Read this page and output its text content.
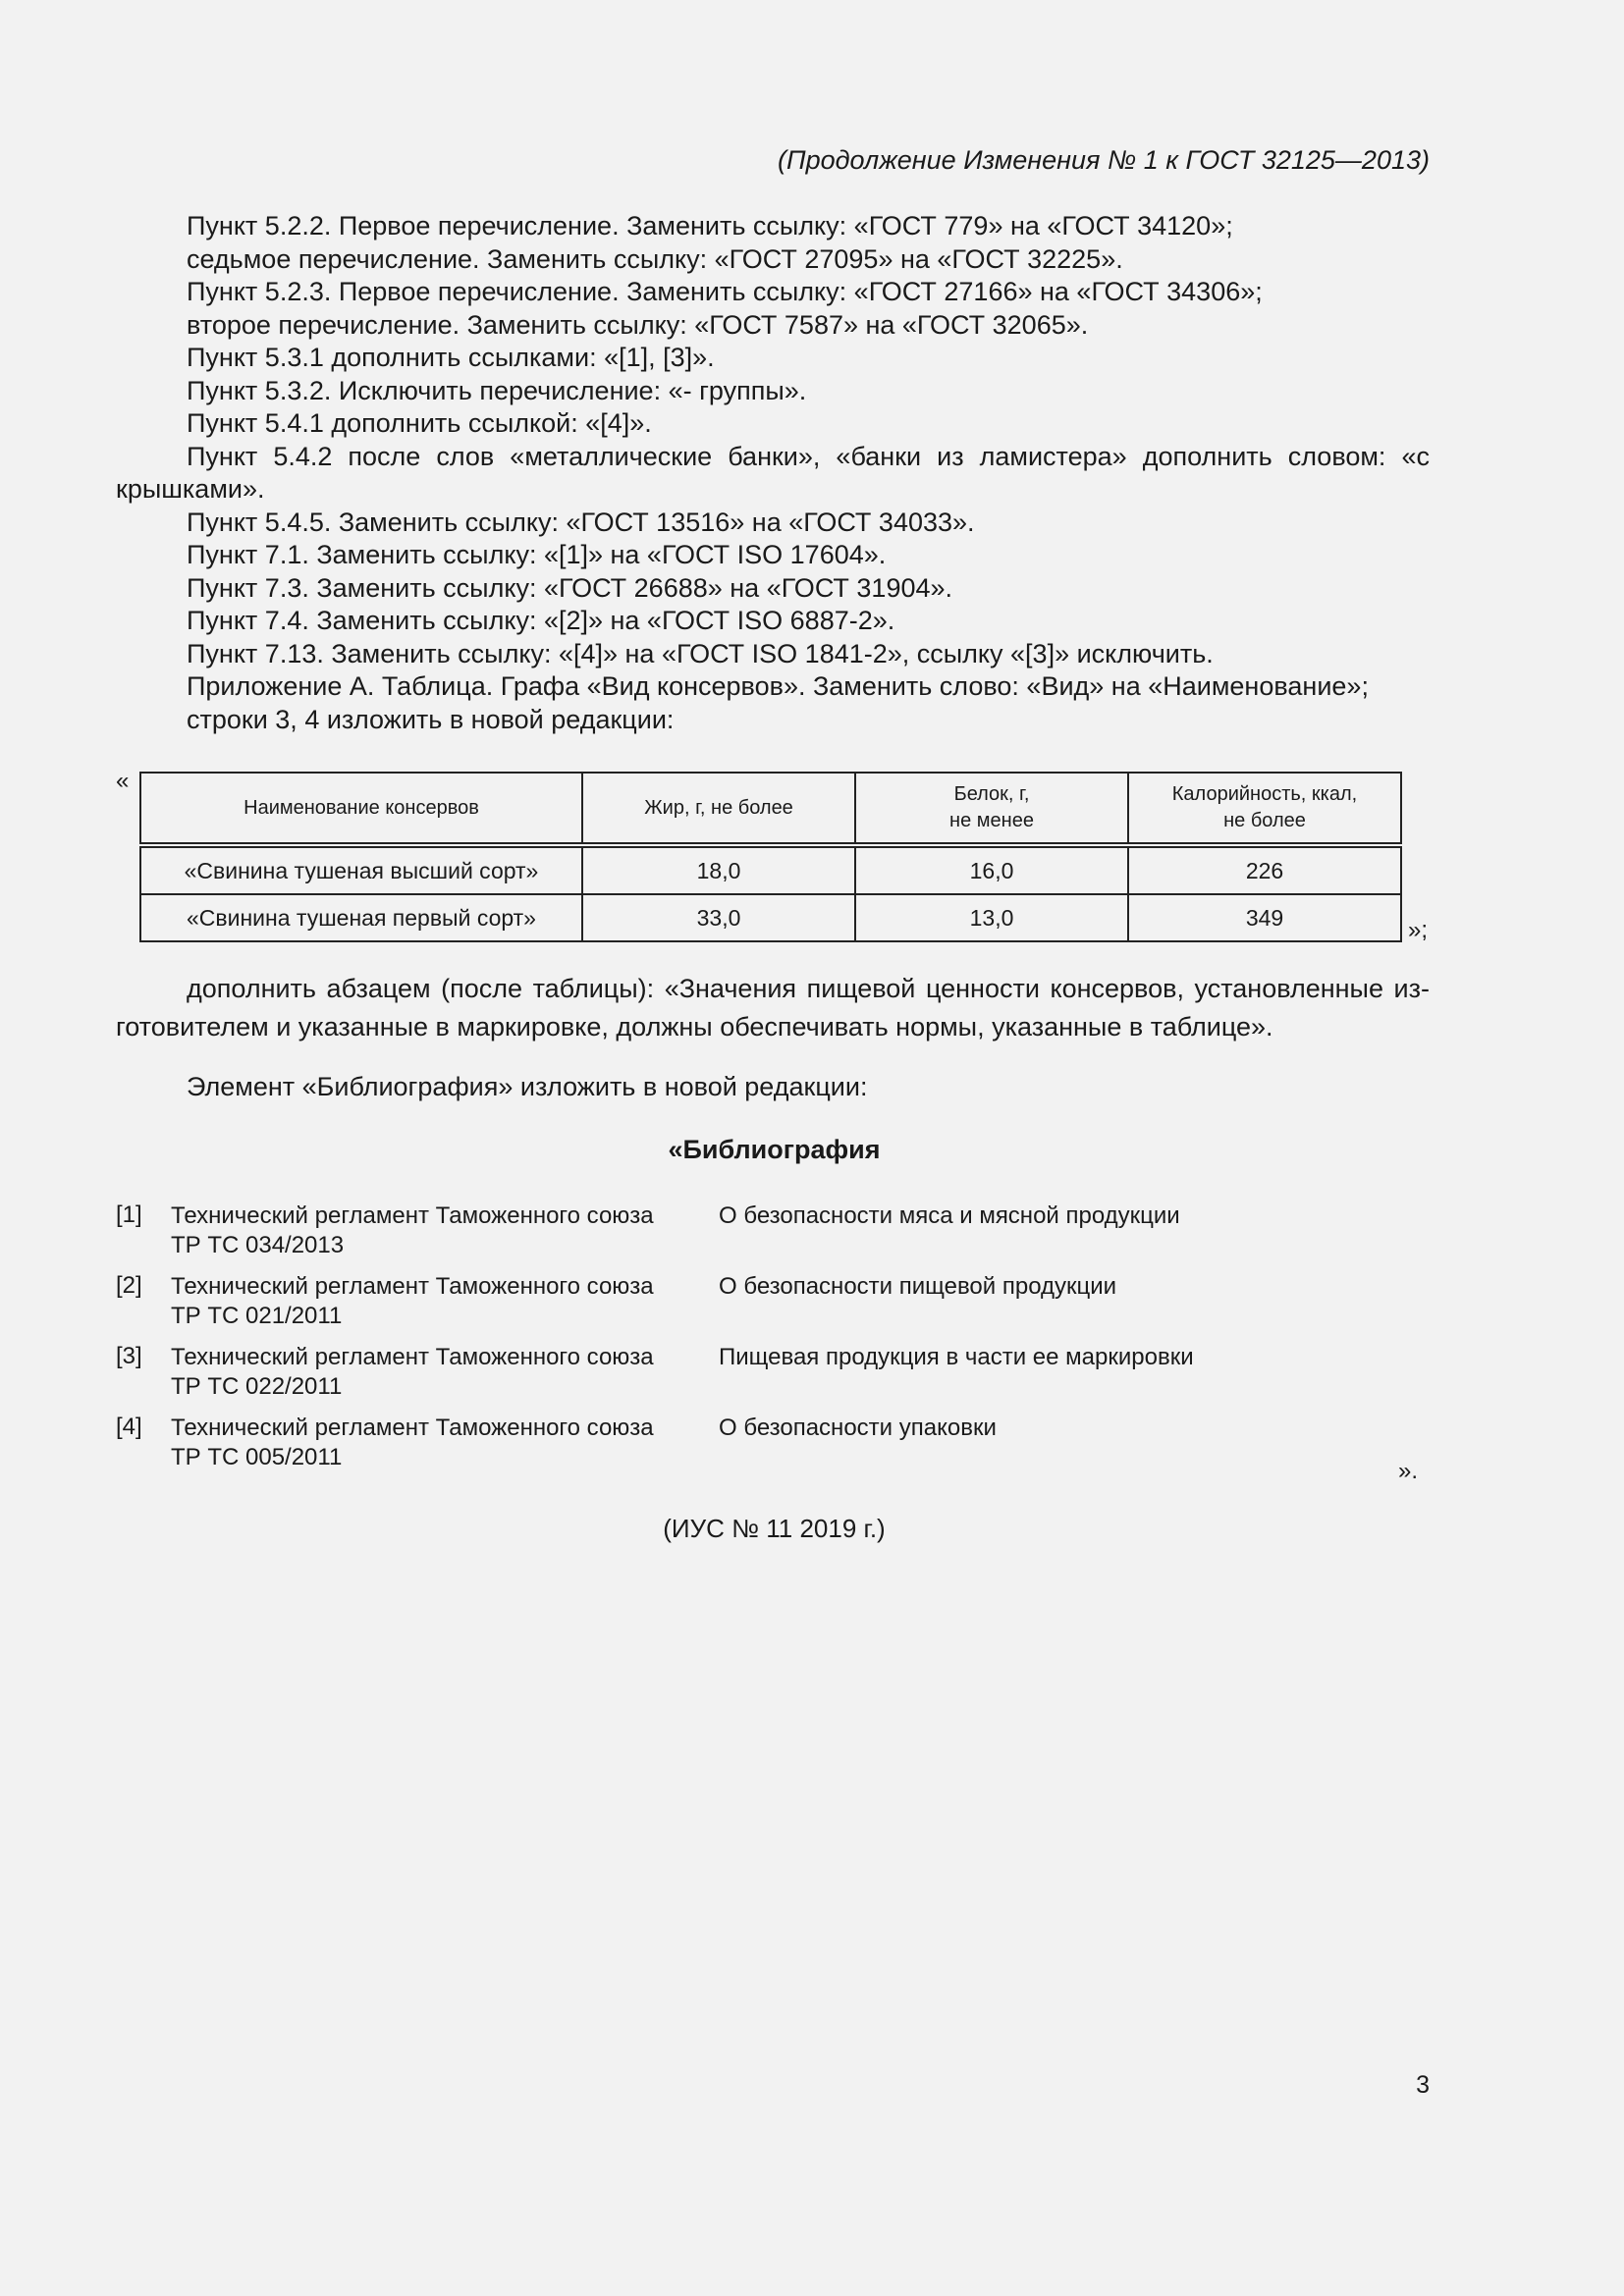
(Продолжение Изменения № 1 к ГОСТ 32125—2013)

Пункт 5.2.2. Первое перечисление. Заменить ссылку: «ГОСТ 779» на «ГОСТ 34120»;

седьмое перечисление. Заменить ссылку: «ГОСТ 27095» на «ГОСТ 32225».

Пункт 5.2.3. Первое перечисление. Заменить ссылку: «ГОСТ 27166» на «ГОСТ 34306»;

второе перечисление. Заменить ссылку: «ГОСТ 7587» на «ГОСТ 32065».

Пункт 5.3.1 дополнить ссылками: «[1], [3]».

Пункт 5.3.2. Исключить перечисление: «- группы».

Пункт 5.4.1 дополнить ссылкой: «[4]».

Пункт 5.4.2 после слов «металлические банки», «банки из ламистера» дополнить словом: «с крышками».

Пункт 5.4.5. Заменить ссылку: «ГОСТ 13516» на «ГОСТ 34033».

Пункт 7.1. Заменить ссылку: «[1]» на «ГОСТ ISO 17604».

Пункт 7.3. Заменить ссылку: «ГОСТ 26688» на «ГОСТ 31904».

Пункт 7.4. Заменить ссылку: «[2]» на «ГОСТ ISO 6887-2».

Пункт 7.13. Заменить ссылку: «[4]» на «ГОСТ ISO 1841-2», ссылку «[3]» исключить.

Приложение А. Таблица. Графа «Вид консервов». Заменить слово: «Вид» на «Наименование»;

строки 3, 4 изложить в новой редакции:

«
Наименование консервов	Жир, г, не более	Белок, г,
не менее	Калорийность, ккал,
не более
«Свинина тушеная высший сорт»	18,0	16,0	226
«Свинина тушеная первый сорт»	33,0	13,0	349	»;

дополнить абзацем (после таблицы): «Значения пищевой ценности консервов, установленные изготовителем и указанные в маркировке, должны обеспечивать нормы, указанные в таблице».

Элемент «Библиография» изложить в новой редакции:
«Библиография
[1] Технический регламент Таможенного союза
ТР ТС 034/2013
О безопасности мяса и мясной продукции
[2] Технический регламент Таможенного союза
ТР ТС 021/2011
О безопасности пищевой продукции
[3] Технический регламент Таможенного союза
ТР ТС 022/2011
Пищевая продукция в части ее маркировки
[4] Технический регламент Таможенного союза
ТР ТС 005/2011
О безопасности упаковки
».
(ИУС № 11 2019 г.)
3
